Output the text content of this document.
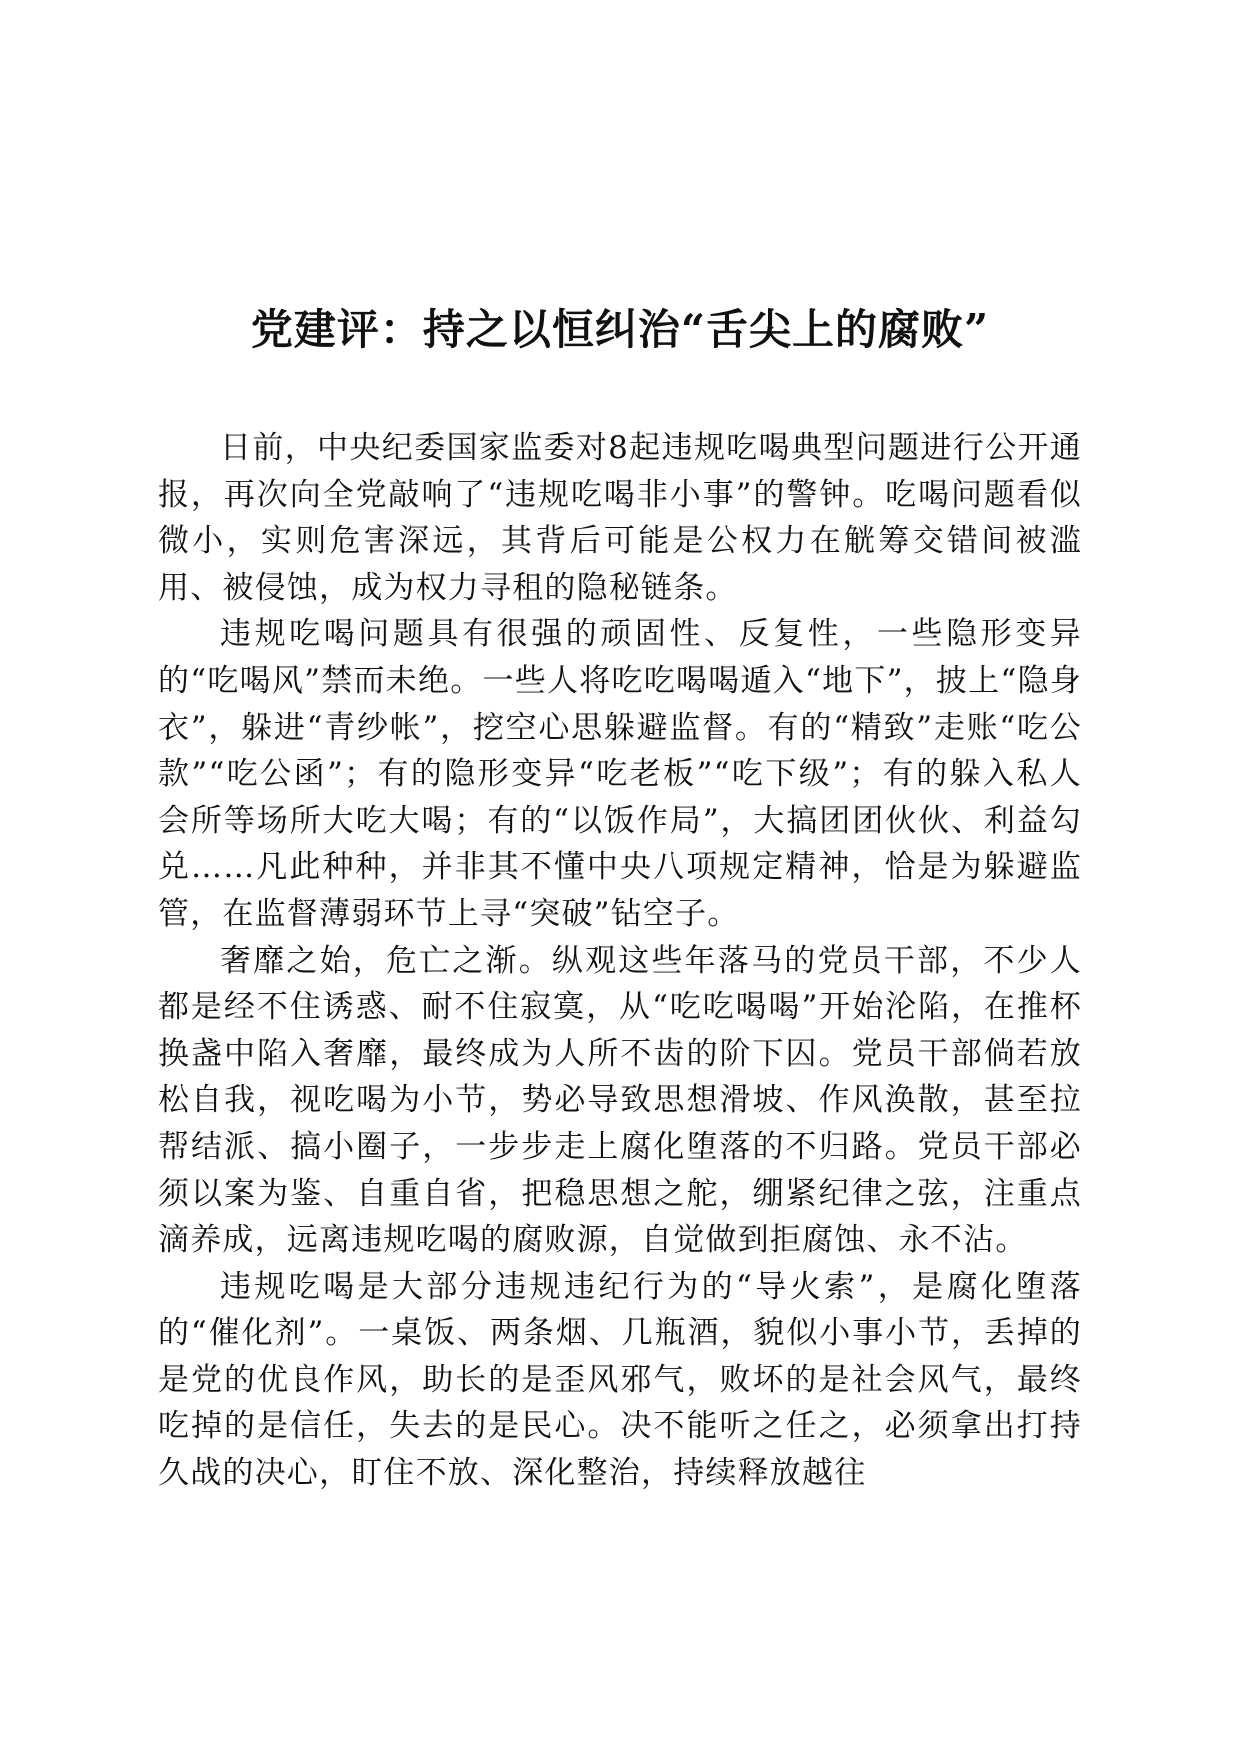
党建评：持之以恒纠治“舌尖上的腐败”

日前，中央纪委国家监委对8起违规吃喝典型问题进行公开通报，再次向全党敲响了“违规吃喝非小事”的警钟。吃喝问题看似微小，实则危害深远，其背后可能是公权力在觥筹交错间被滥用、被侵蚀，成为权力寻租的隐秘链条。

违规吃喝问题具有很强的顽固性、反复性，一些隐形变异的“吃喝风”禁而未绝。一些人将吃吃喝喝遁入“地下”，披上“隐身衣”，躲进“青纱帐”，挖空心思躲避监督。有的“精致”走账“吃公款”“吃公函”；有的隐形变异“吃老板”“吃下级”；有的躲入私人会所等场所大吃大喝；有的“以饭作局”，大搞团团伙伙、利益勾兑……凡此种种，并非其不懂中央八项规定精神，恰是为躲避监管，在监督薄弱环节上寻“突破”钻空子。

奢靡之始，危亡之渐。纵观这些年落马的党员干部，不少人都是经不住诱惑、耐不住寂寞，从“吃吃喝喝”开始沦陷，在推杯换盏中陷入奢靡，最终成为人所不齿的阶下囚。党员干部倘若放松自我，视吃喝为小节，势必导致思想滑坡、作风涣散，甚至拉帮结派、搞小圈子，一步步走上腐化堕落的不归路。党员干部必须以案为鉴、自重自省，把稳思想之舵，绷紧纪律之弦，注重点滴养成，远离违规吃喝的腐败源，自觉做到拒腐蚀、永不沾。

违规吃喝是大部分违规违纪行为的“导火索”，是腐化堕落的“催化剂”。一桌饭、两条烟、几瓶酒，貌似小事小节，丢掉的是党的优良作风，助长的是歪风邪气，败坏的是社会风气，最终吃掉的是信任，失去的是民心。决不能听之任之，必须拿出打持久战的决心，盯住不放、深化整治，持续释放越往
